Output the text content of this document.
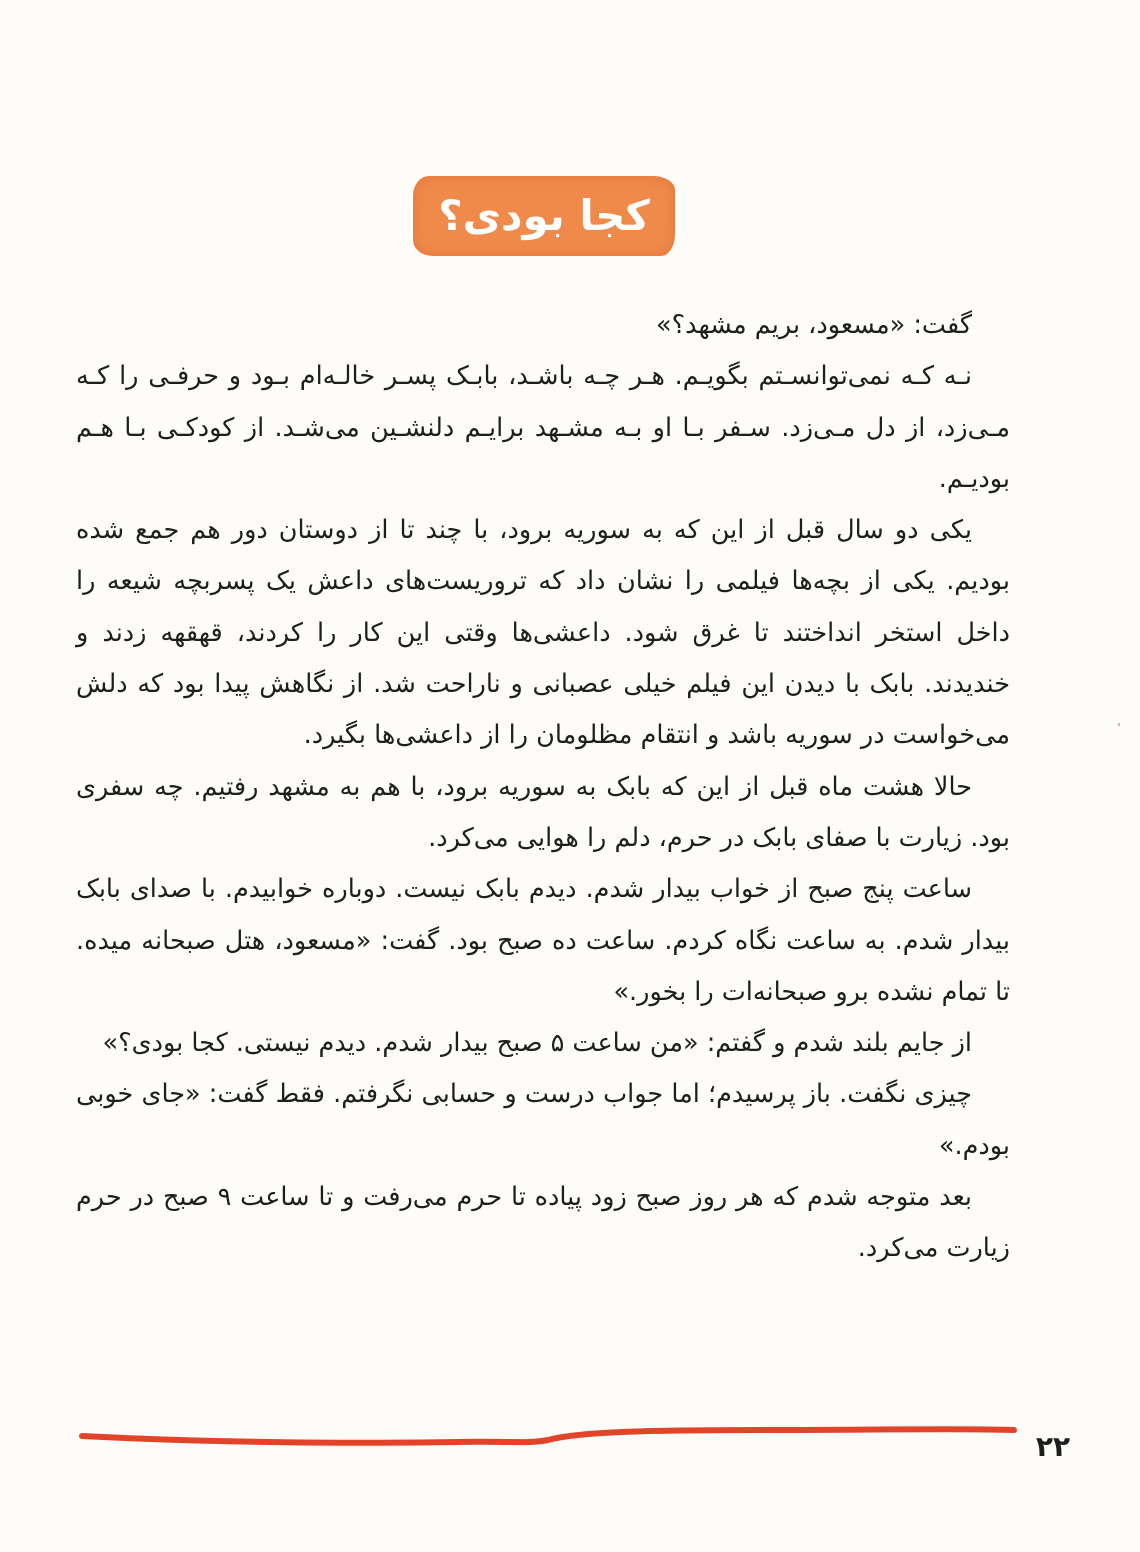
کجا بودی؟

گفت: «مسعود، بریم مشهد؟»

نـه کـه نمی‌توانسـتم بگویـم. هـر چـه باشـد، بابـک پسـر خالـه‌ام بـود و حرفـی را کـه مـی‌زد، از دل مـی‌زد. سـفر بـا او بـه مشـهد برایـم دلنشـین می‌شـد. از کودکـی بـا هـم بودیـم.

یکی دو سال قبل از این که به سوریه برود، با چند تا از دوستان دور هم جمع شده بودیم. یکی از بچه‌ها فیلمی را نشان داد که تروریست‌های داعش یک پسربچه شیعه را داخل استخر انداختند تا غرق شود. داعشی‌ها وقتی این کار را کردند، قهقهه زدند و خندیدند. بابک با دیدن این فیلم خیلی عصبانی و ناراحت شد. از نگاهش پیدا بود که دلش می‌خواست در سوریه باشد و انتقام مظلومان را از داعشی‌ها بگیرد.

حالا هشت ماه قبل از این که بابک به سوریه برود، با هم به مشهد رفتیم. چه سفری بود. زیارت با صفای بابک در حرم، دلم را هوایی می‌کرد.

ساعت پنج صبح از خواب بیدار شدم. دیدم بابک نیست. دوباره خوابیدم. با صدای بابک بیدار شدم. به ساعت نگاه کردم. ساعت ده صبح بود. گفت: «مسعود، هتل صبحانه میده. تا تمام نشده برو صبحانه‌ات را بخور.»

از جایم بلند شدم و گفتم: «من ساعت ۵ صبح بیدار شدم. دیدم نیستی. کجا بودی؟»

چیزی نگفت. باز پرسیدم؛ اما جواب درست و حسابی نگرفتم. فقط گفت: «جای خوبی بودم.»

بعد متوجه شدم که هر روز صبح زود پیاده تا حرم می‌رفت و تا ساعت ۹ صبح در حرم زیارت می‌کرد.

۲۲
